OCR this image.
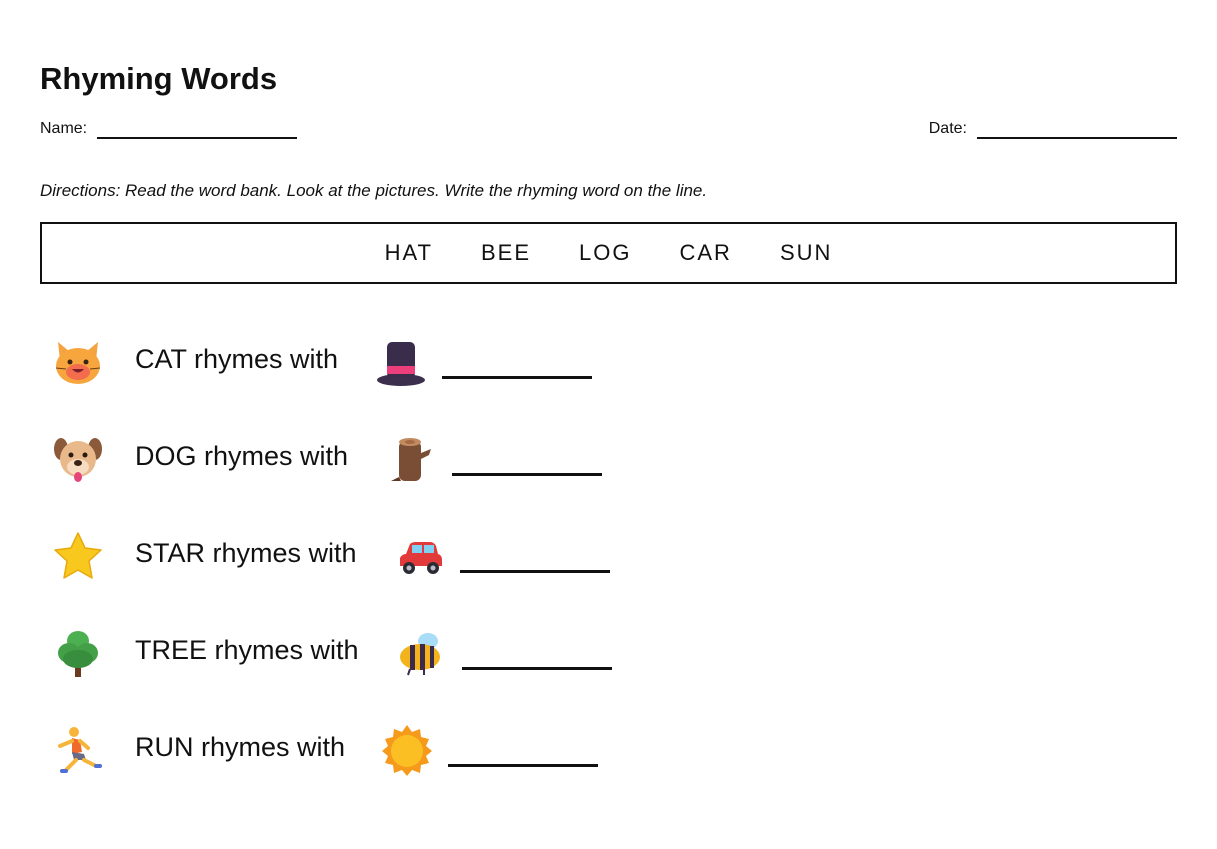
Rhyming Words
Name:	Date:
Directions: Read the word bank. Look at the pictures. Write the rhyming word on the line.
HAT BEE LOG CAR SUN
CAT rhymes with
DOG rhymes with
STAR rhymes with
TREE rhymes with
RUN rhymes with
